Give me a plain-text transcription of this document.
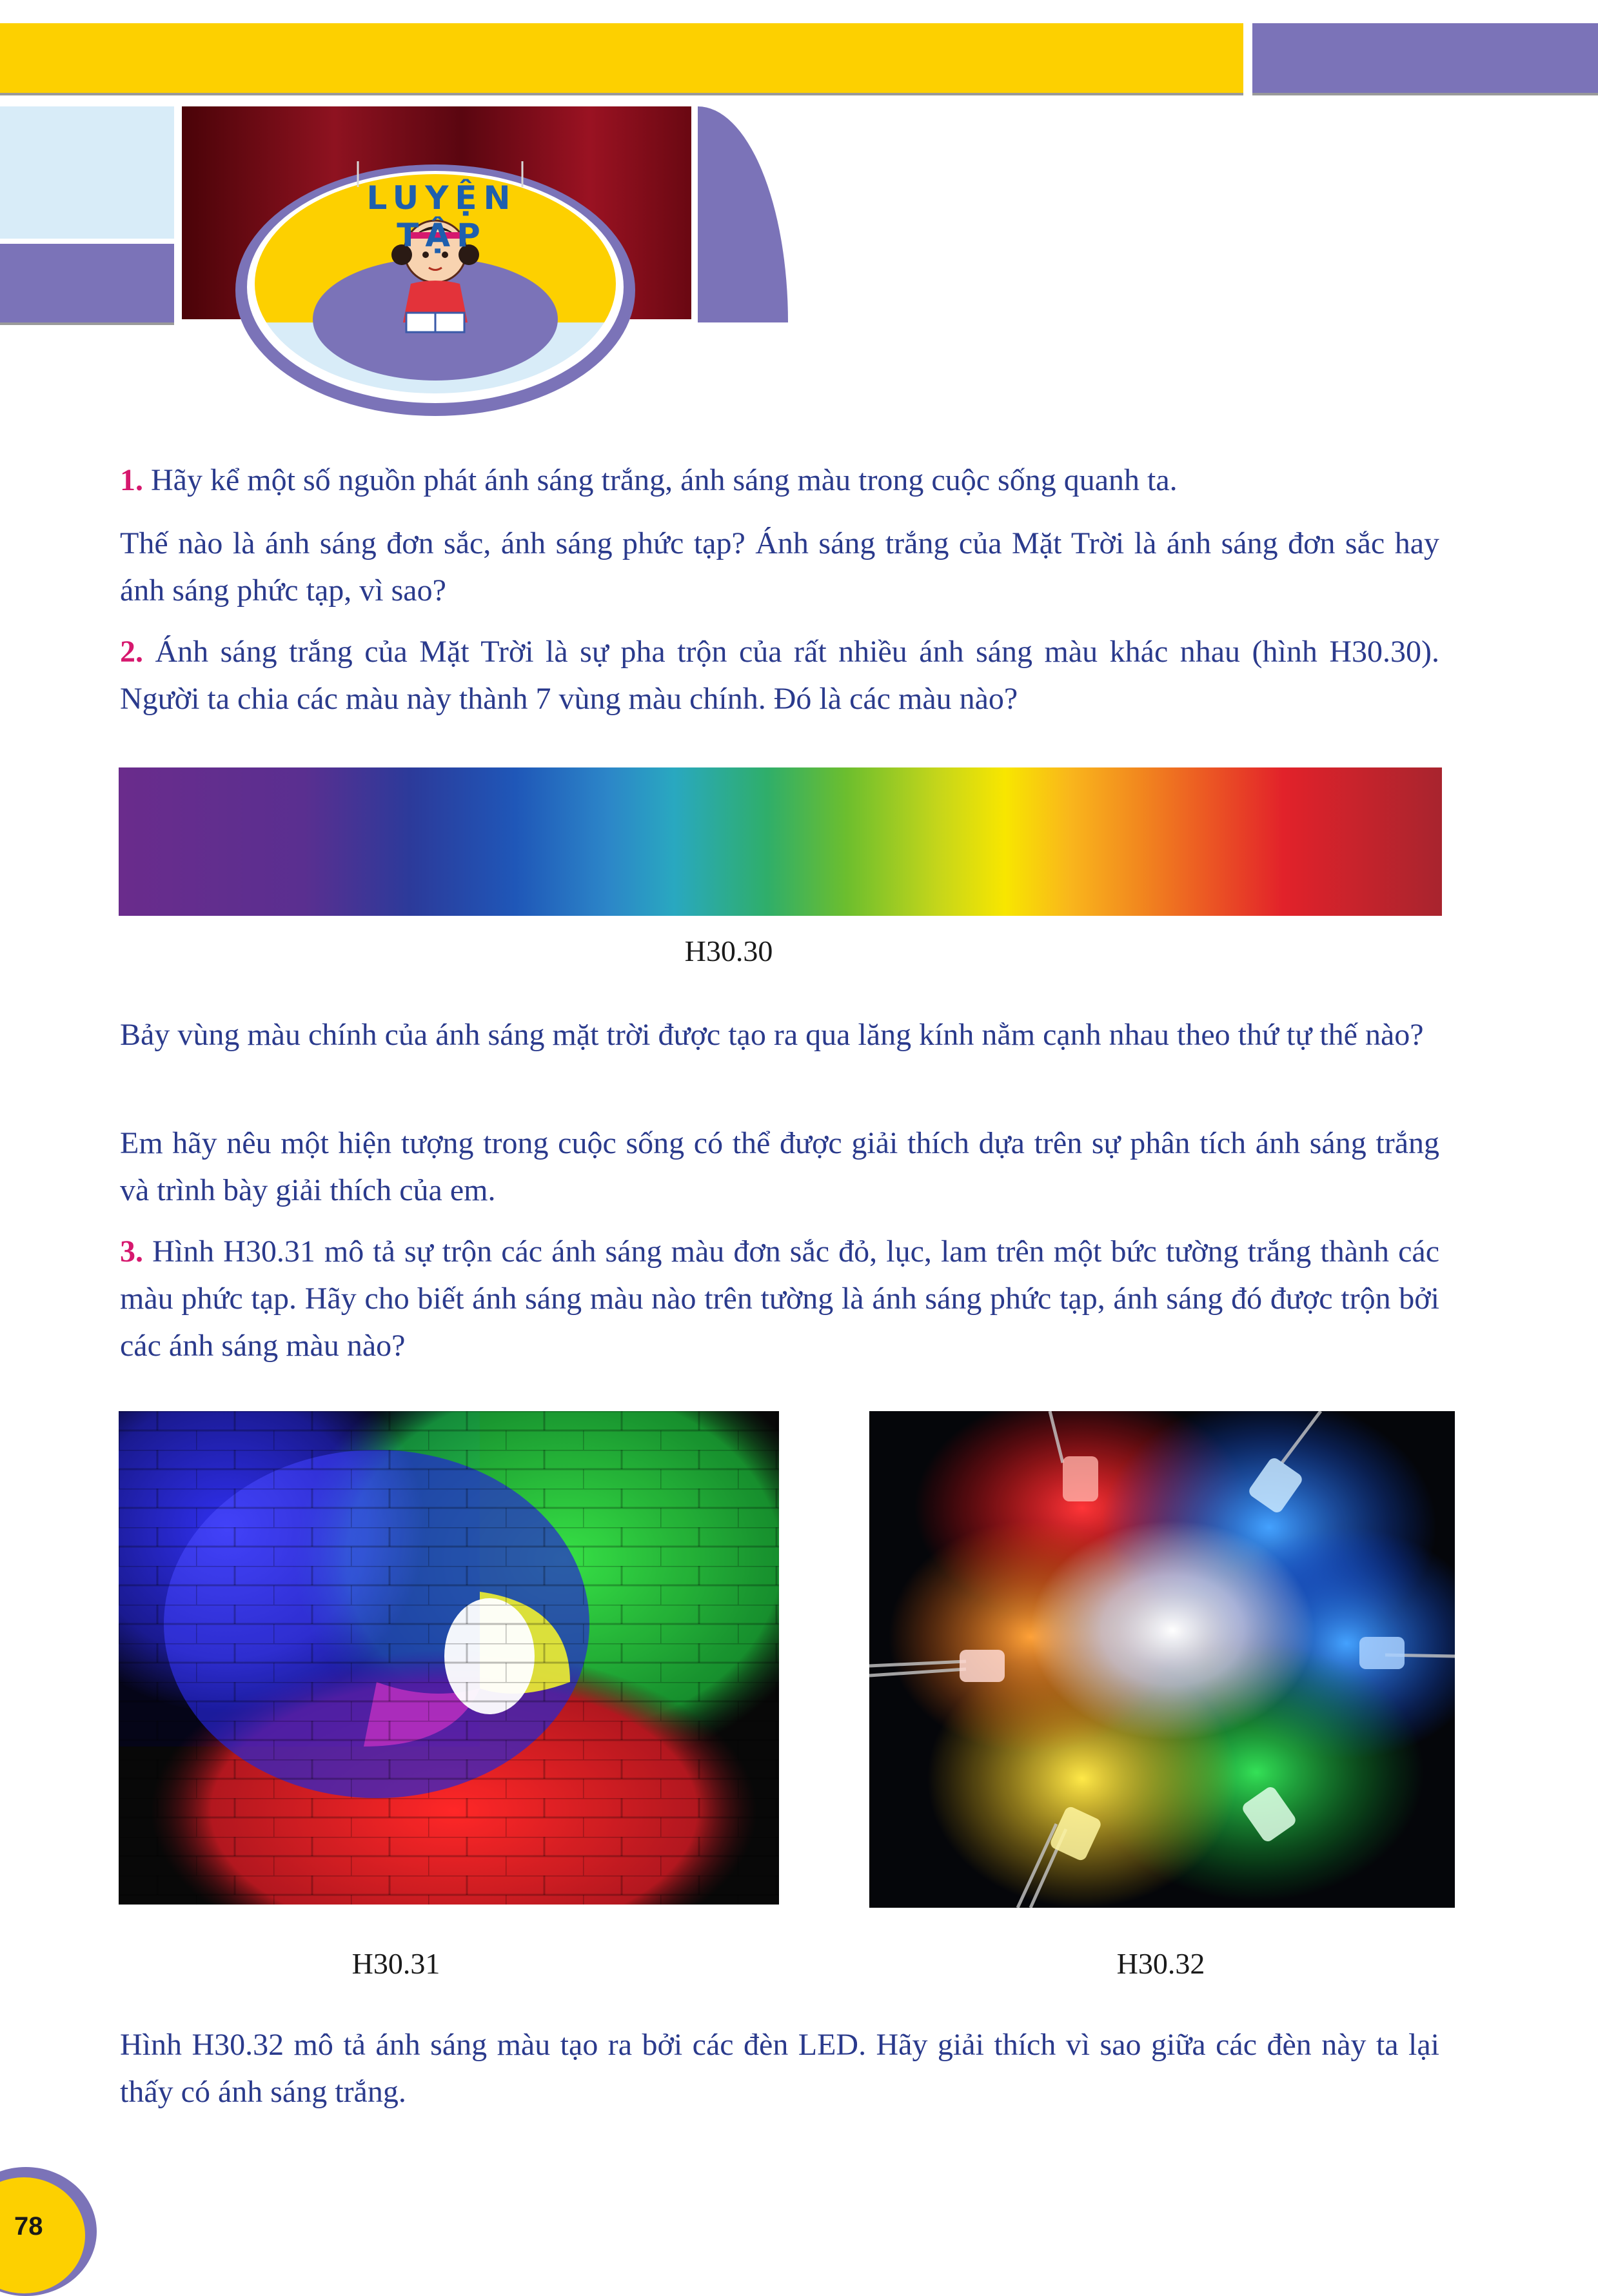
LUYỆN TẬP
1. Hãy kể một số nguồn phát ánh sáng trắng, ánh sáng màu trong cuộc sống quanh ta.
Thế nào là ánh sáng đơn sắc, ánh sáng phức tạp? Ánh sáng trắng của Mặt Trời là ánh sáng đơn sắc hay ánh sáng phức tạp, vì sao?
2. Ánh sáng trắng của Mặt Trời là sự pha trộn của rất nhiều ánh sáng màu khác nhau (hình H30.30). Người ta chia các màu này thành 7 vùng màu chính. Đó là các màu nào?
H30.30
Bảy vùng màu chính của ánh sáng mặt trời được tạo ra qua lăng kính nằm cạnh nhau theo thứ tự thế nào?
Em hãy nêu một hiện tượng trong cuộc sống có thể được giải thích dựa trên sự phân tích ánh sáng trắng và trình bày giải thích của em.
3. Hình H30.31 mô tả sự trộn các ánh sáng màu đơn sắc đỏ, lục, lam trên một bức tường trắng thành các màu phức tạp. Hãy cho biết ánh sáng màu nào trên tường là ánh sáng phức tạp, ánh sáng đó được trộn bởi các ánh sáng màu nào?
H30.31	H30.32
Hình H30.32 mô tả ánh sáng màu tạo ra bởi các đèn LED. Hãy giải thích vì sao giữa các đèn này ta lại thấy có ánh sáng trắng.
78
